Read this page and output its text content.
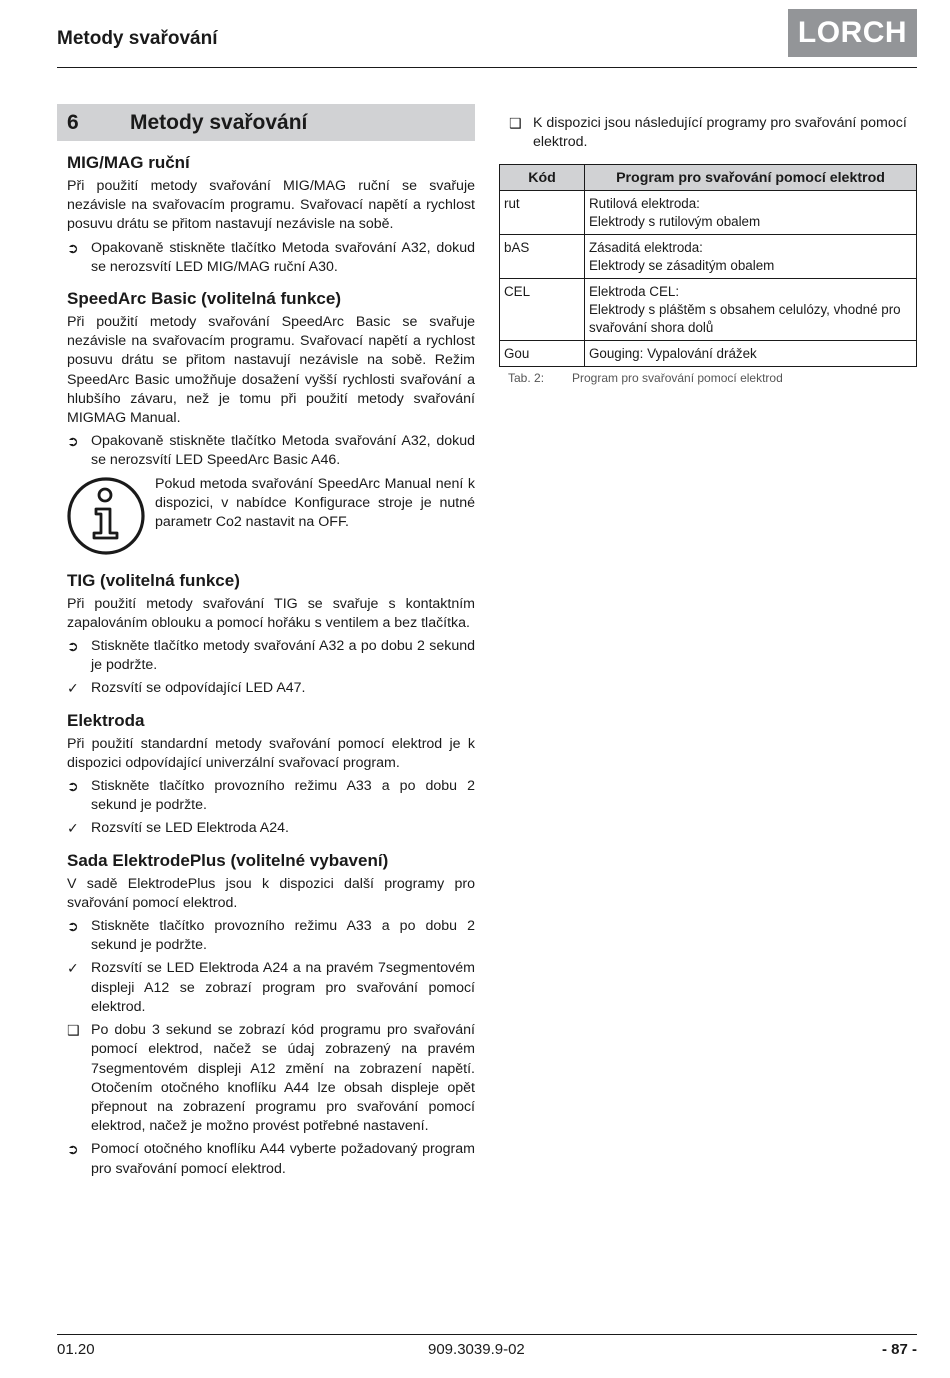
Metody svařování	LORCH
6	Metody svařování
MIG/MAG ruční

Při použití metody svařování MIG/MAG ruční se svařuje nezávisle na svařovacím programu. Svařovací napětí a rychlost posuvu drátu se přitom nastavují nezávisle na sobě.

➲ Opakovaně stiskněte tlačítko Metoda svařování A32, dokud se nerozsvítí LED MIG/MAG ruční A30.
SpeedArc Basic (volitelná funkce)

Při použití metody svařování SpeedArc Basic se svařuje nezávisle na svařovacím programu. Svařovací napětí a rychlost posuvu drátu se přitom nastavují nezávisle na sobě. Režim SpeedArc Basic umožňuje dosažení vyšší rychlosti svařování a hlubšího závaru, než je tomu při použití metody svařování MIGMAG Manual.

➲ Opakovaně stiskněte tlačítko Metoda svařování A32, dokud se nerozsvítí LED SpeedArc Basic A46.
Pokud metoda svařování SpeedArc Manual není k dispozici, v nabídce Konfigurace stroje je nutné parametr Co2 nastavit na OFF.
TIG (volitelná funkce)

Při použití metody svařování TIG se svařuje s kontaktním zapalováním oblouku a pomocí hořáku s ventilem a bez tlačítka.

➲ Stiskněte tlačítko metody svařování A32 a po dobu 2 sekund je podržte.
✓ Rozsvítí se odpovídající LED A47.
Elektroda

Při použití standardní metody svařování pomocí elektrod je k dispozici odpovídající univerzální svařovací program.

➲ Stiskněte tlačítko provozního režimu A33 a po dobu 2 sekund je podržte.
✓ Rozsvítí se LED Elektroda A24.
Sada ElektrodePlus (volitelné vybavení)

V sadě ElektrodePlus jsou k dispozici další programy pro svařování pomocí elektrod.

➲ Stiskněte tlačítko provozního režimu A33 a po dobu 2 sekund je podržte.
✓ Rozsvítí se LED Elektroda A24 a na pravém 7segmentovém displeji A12 se zobrazí program pro svařování pomocí elektrod.
❑ Po dobu 3 sekund se zobrazí kód programu pro svařování pomocí elektrod, načež se údaj zobrazený na pravém 7segmentovém displeji A12 změní na zobrazení napětí. Otočením otočného knoflíku A44 lze obsah displeje opět přepnout na zobrazení programu pro svařování pomocí elektrod, načež je možno provést potřebné nastavení.
➲ Pomocí otočného knoflíku A44 vyberte požadovaný program pro svařování pomocí elektrod.
❑ K dispozici jsou následující programy pro svařování pomocí elektrod.
Kód	Program pro svařování pomocí elektrod
rut	Rutilová elektroda:
Elektrody s rutilovým obalem

bAS	Zásaditá elektroda:
Elektrody se zásaditým obalem

CEL	Elektroda CEL:
Elektrody s pláštěm s obsahem celulózy, vhodné pro svařování shora dolů

Gou	Gouging: Vypalování drážek
Tab. 2:	Program pro svařování pomocí elektrod
01.20	909.3039.9-02	- 87 -
